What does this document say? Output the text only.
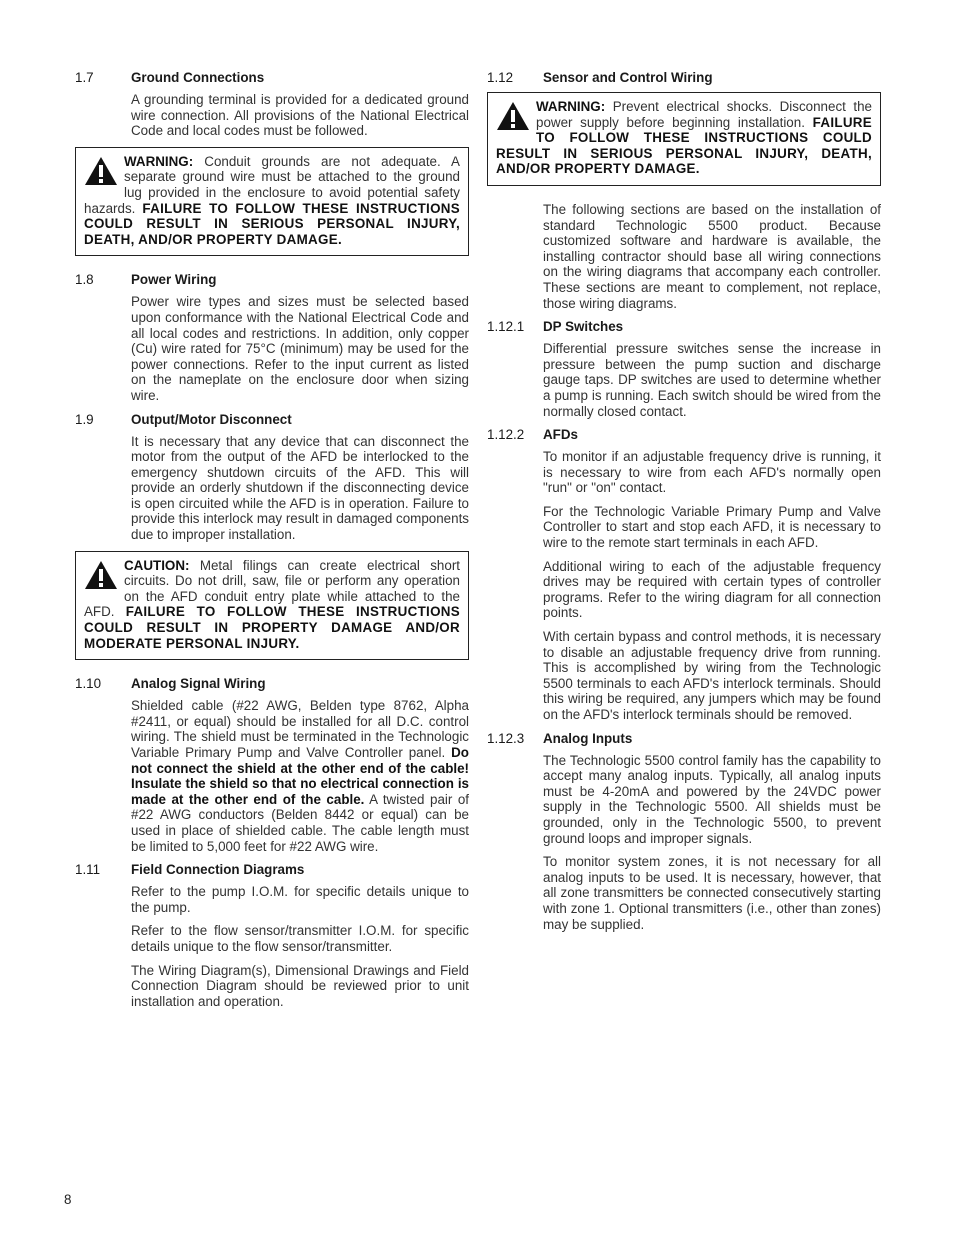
1.7	Ground Connections

A grounding terminal is provided for a dedicated ground wire connection. All provisions of the National Electrical Code and local codes must be followed.

WARNING: Conduit grounds are not adequate. A separate ground wire must be attached to the ground lug provided in the enclosure to avoid potential safety hazards. FAILURE TO FOLLOW THESE INSTRUCTIONS COULD RESULT IN SERIOUS PERSONAL INJURY, DEATH, AND/OR PROPERTY DAMAGE.
1.8	Power Wiring

Power wire types and sizes must be selected based upon conformance with the National Electrical Code and all local codes and restrictions. In addition, only copper (Cu) wire rated for 75°C (minimum) may be used for the power connections. Refer to the input current as listed on the nameplate on the enclosure door when sizing wire.

1.9	Output/Motor Disconnect

It is necessary that any device that can disconnect the motor from the output of the AFD be interlocked to the emergency shutdown circuits of the AFD. This will provide an orderly shutdown if the disconnecting device is open circuited while the AFD is in operation. Failure to provide this interlock may result in damaged components due to improper installation.

CAUTION: Metal filings can create electrical short circuits. Do not drill, saw, file or perform any operation on the AFD conduit entry plate while attached to the AFD. FAILURE TO FOLLOW THESE INSTRUCTIONS COULD RESULT IN PROPERTY DAMAGE AND/OR MODERATE PERSONAL INJURY.
1.10	Analog Signal Wiring

Shielded cable (#22 AWG, Belden type 8762, Alpha #2411, or equal) should be installed for all D.C. control wiring. The shield must be terminated in the Technologic Variable Primary Pump and Valve Controller panel. Do not connect the shield at the other end of the cable! Insulate the shield so that no electrical connection is made at the other end of the cable. A twisted pair of #22 AWG conductors (Belden 8442 or equal) can be used in place of shielded cable. The cable length must be limited to 5,000 feet for #22 AWG wire.

1.11	Field Connection Diagrams

Refer to the pump I.O.M. for specific details unique to the pump.

Refer to the flow sensor/transmitter I.O.M. for specific details unique to the flow sensor/transmitter.

The Wiring Diagram(s), Dimensional Drawings and Field Connection Diagram should be reviewed prior to unit installation and operation.

1.12	Sensor and Control Wiring
WARNING: Prevent electrical shocks. Disconnect the power supply before beginning installation. FAILURE TO FOLLOW THESE INSTRUCTIONS COULD RESULT IN SERIOUS PERSONAL INJURY, DEATH, AND/OR PROPERTY DAMAGE.

The following sections are based on the installation of standard Technologic 5500 product. Because customized software and hardware is available, the installing contractor should base all wiring connections on the wiring diagrams that accompany each controller. These sections are meant to complement, not replace, those wiring diagrams.

1.12.1	DP Switches

Differential pressure switches sense the increase in pressure between the pump suction and discharge gauge taps. DP switches are used to determine whether a pump is running. Each switch should be wired from the normally closed contact.

1.12.2	AFDs

To monitor if an adjustable frequency drive is running, it is necessary to wire from each AFD's normally open "run" or "on" contact.

For the Technologic Variable Primary Pump and Valve Controller to start and stop each AFD, it is necessary to wire to the remote start terminals in each AFD.

Additional wiring to each of the adjustable frequency drives may be required with certain types of controller programs. Refer to the wiring diagram for all connection points.

With certain bypass and control methods, it is necessary to disable an adjustable frequency drive from running. This is accomplished by wiring from the Technologic 5500 terminals to each AFD's interlock terminals. Should this wiring be required, any jumpers which may be found on the AFD's interlock terminals should be removed.

1.12.3	Analog Inputs

The Technologic 5500 control family has the capability to accept many analog inputs. Typically, all analog inputs must be 4-20mA and powered by the 24VDC power supply in the Technologic 5500. All shields must be grounded, only in the Technologic 5500, to prevent ground loops and improper signals.

To monitor system zones, it is not necessary for all analog inputs to be used. It is necessary, however, that all zone transmitters be connected consecutively starting with zone 1. Optional transmitters (i.e., other than zones) may be supplied.

8
